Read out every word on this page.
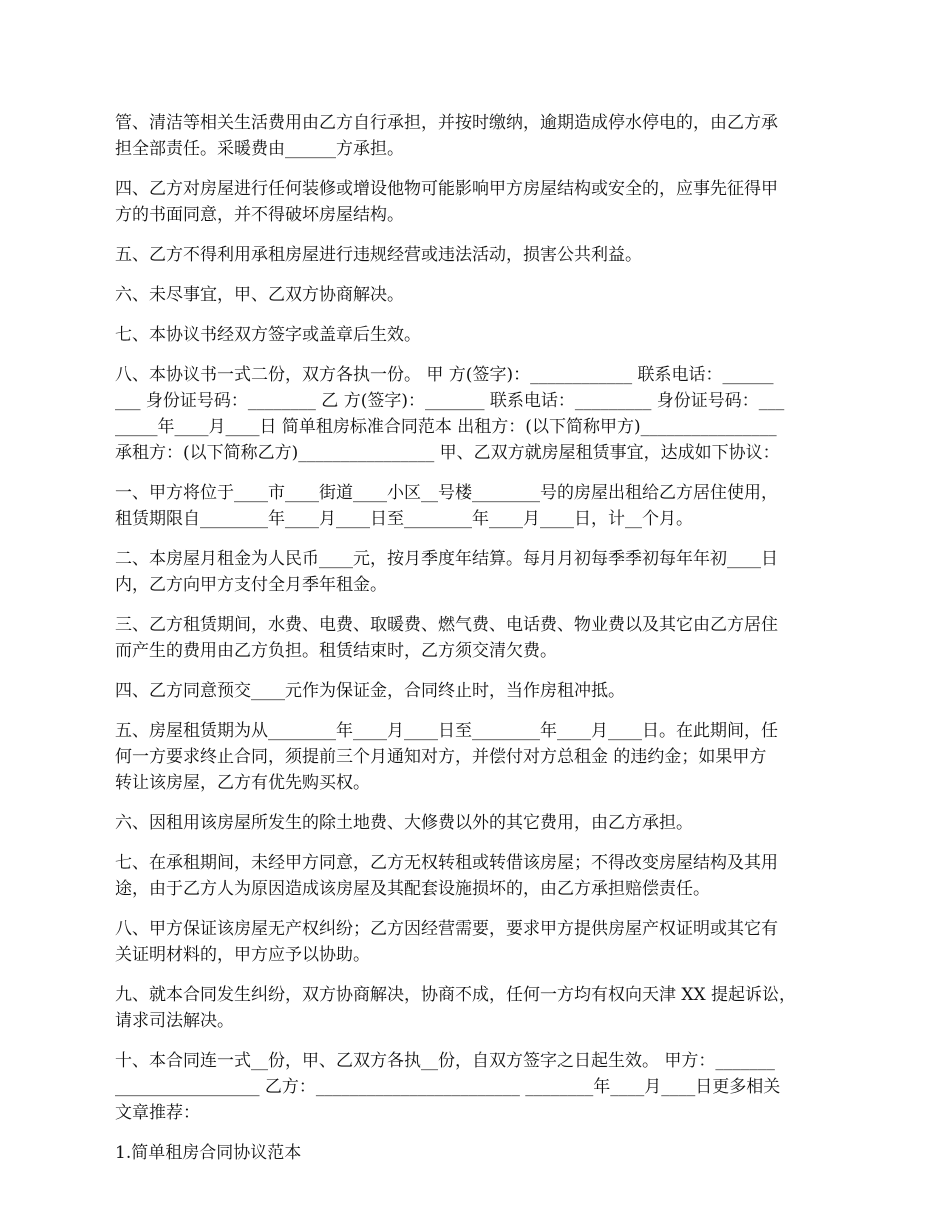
管、清洁等相关生活费用由乙方自行承担，并按时缴纳，逾期造成停水停电的，由乙方承
担全部责任。采暖费由______方承担。

四、乙方对房屋进行任何装修或增设他物可能影响甲方房屋结构或安全的，应事先征得甲
方的书面同意，并不得破坏房屋结构。

五、乙方不得利用承租房屋进行违规经营或违法活动，损害公共利益。

六、未尽事宜，甲、乙双方协商解决。

七、本协议书经双方签字或盖章后生效。

八、本协议书一式二份，双方各执一份。 甲 方(签字)：____________ 联系电话：______
___ 身份证号码：________ 乙 方(签字)：_______ 联系电话：_________ 身份证号码：___
_____年____月____日 简单租房标准合同范本 出租方：(以下简称甲方)________________
承租方：(以下简称乙方)________________ 甲、乙双方就房屋租赁事宜，达成如下协议：

一、甲方将位于____市____街道____小区__号楼________号的房屋出租给乙方居住使用，
租赁期限自________年____月____日至________年____月____日，计__个月。

二、本房屋月租金为人民币____元，按月季度年结算。每月月初每季季初每年年初____日
内，乙方向甲方支付全月季年租金。

三、乙方租赁期间，水费、电费、取暖费、燃气费、电话费、物业费以及其它由乙方居住
而产生的费用由乙方负担。租赁结束时，乙方须交清欠费。

四、乙方同意预交____元作为保证金，合同终止时，当作房租冲抵。

五、房屋租赁期为从________年____月____日至________年____月____日。在此期间，任
何一方要求终止合同，须提前三个月通知对方，并偿付对方总租金 的违约金；如果甲方
转让该房屋，乙方有优先购买权。

六、因租用该房屋所发生的除土地费、大修费以外的其它费用，由乙方承担。

七、在承租期间，未经甲方同意，乙方无权转租或转借该房屋；不得改变房屋结构及其用
途，由于乙方人为原因造成该房屋及其配套设施损坏的，由乙方承担赔偿责任。

八、甲方保证该房屋无产权纠纷；乙方因经营需要，要求甲方提供房屋产权证明或其它有
关证明材料的，甲方应予以协助。

九、就本合同发生纠纷，双方协商解决，协商不成，任何一方均有权向天津 XX 提起诉讼，
请求司法解决。

十、本合同连一式__份，甲、乙双方各执__份，自双方签字之日起生效。 甲方：_______
_________________ 乙方：________________________ ________年____月____日更多相关
文章推荐：

1.简单租房合同协议范本
